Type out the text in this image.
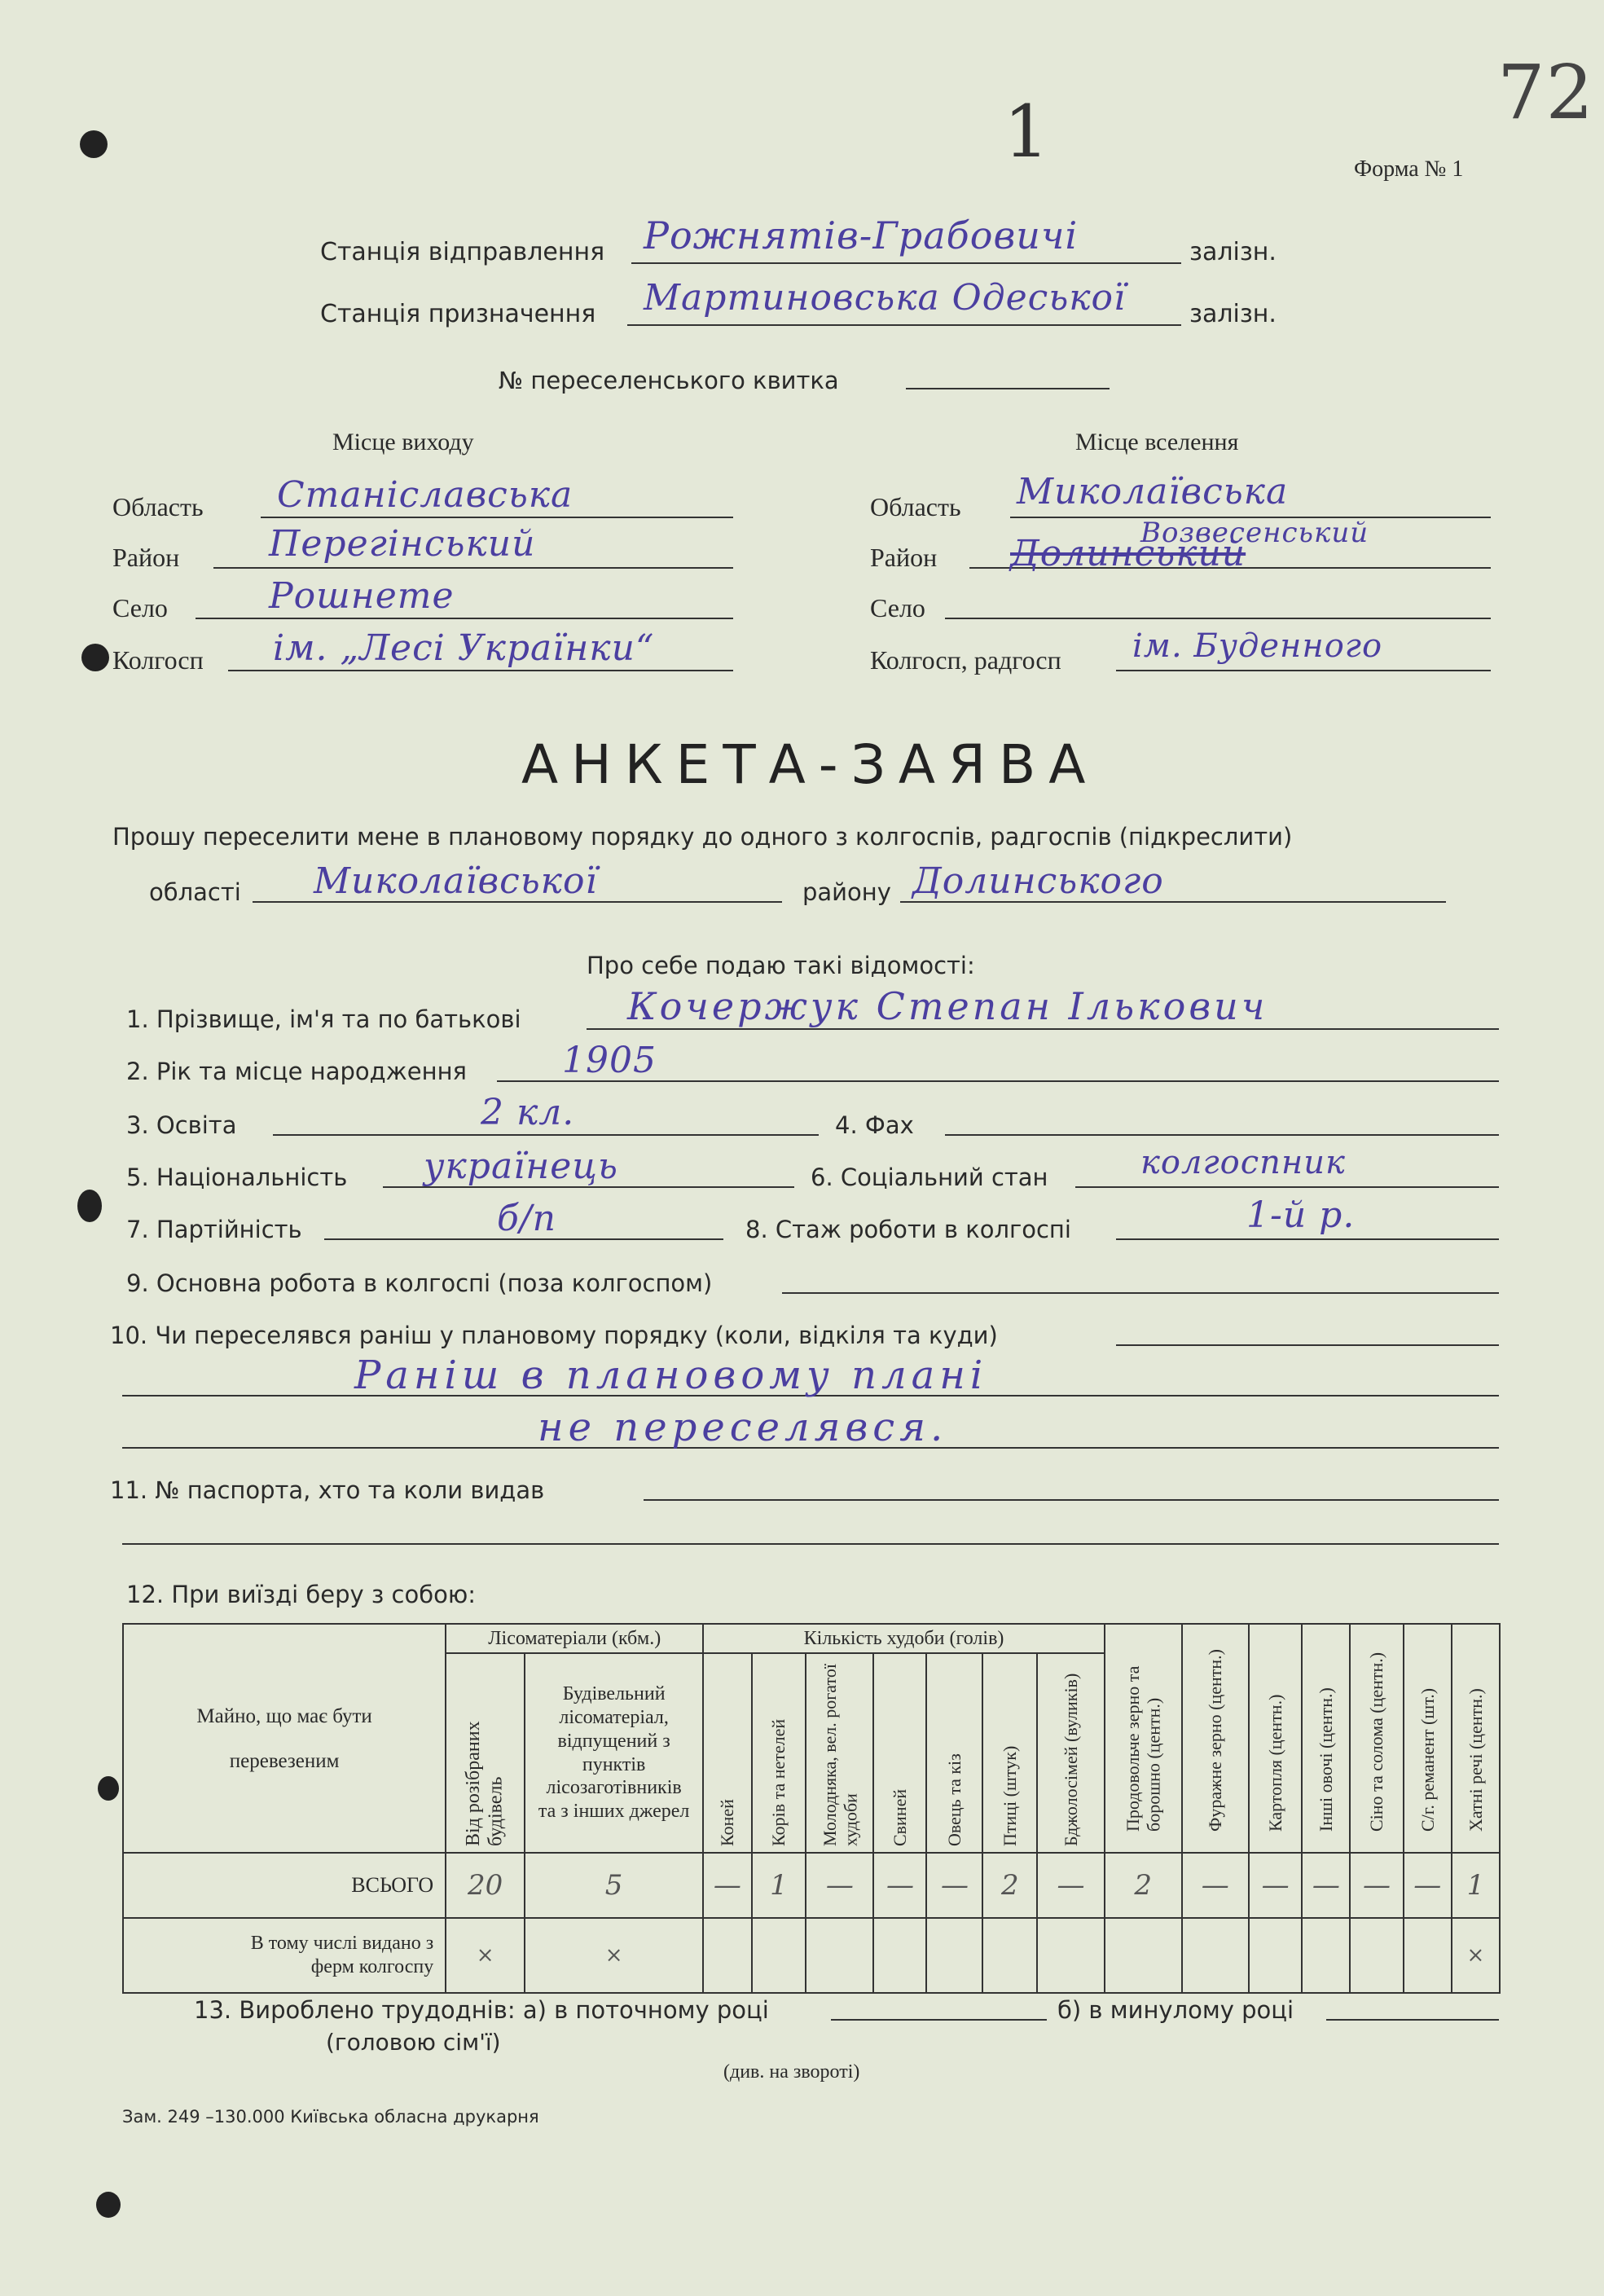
1	72
Форма № 1
Станція відправлення Рожнятів-Грабовичі	залізн.
Станція призначення Мартиновська Одеської	залізн.
№ переселенського квитка
Місце виходу	Місце вселення
Область Станіславська
Район Перегінський
Село	Рошнете
Колгосп ім. „Лесі Українки“
Область Миколаївська
Район
Возвесенський
Долинський
Село
Колгосп, радгосп ім. Буденного
АНКЕТА-ЗАЯВА
Прошу переселити мене в плановому порядку до одного з колгоспів, радгоспів (підкреслити)
області Миколаївської	району Долинського
Про себе подаю такі відомості:
1. Прізвище, ім'я та по батькові	Кочержук Степан Ількович
2. Рік та місце народження	1905
3. Освіта	2 кл.	4. Фах
5. Національність українець	6. Соціальний стан	колгоспник
7. Партійність	б/п	8. Стаж роботи в колгоспі	1-й р.
9. Основна робота в колгоспі (поза колгоспом)
10. Чи переселявся раніш у плановому порядку (коли, відкіля та куди)
Раніш в плановому плані
не переселявся.
11. № паспорта, хто та коли видав
12. При виїзді беру з собою:
Майно, що має бути
перевезеним	Лісоматеріали (кбм.)		Кількість худоби (голів)							Продовольче зерно та борошно (центн.)	Фуражне зерно (центн.)	Картопля (центн.)	Інші овочі (центн.)	Сіно та солома (центн.)	С/г. реманент (шт.)	Хатні речі (центн.)
	Від розібраних будівель	Будівельний лісоматеріал, відпущений з пунктів лісозаготівників та з інших джерел	Коней	Корів та нетелей	Молодняка, вел. рогатої худоби	Свиней	Овець та кіз	Птиці (штук)	Бджолосімей (вуликів)							
ВСЬОГО	20	5	—	1	—	—	—	2	—	2	—	—	—	—	—	1
В тому числі видано з ферм колгоспу	×	×														×
13. Вироблено трудоднів: а) в поточному році	б) в минулому році
(головою сім'ї)
(див. на звороті)
Зам. 249 –130.000 Київська обласна друкарня
